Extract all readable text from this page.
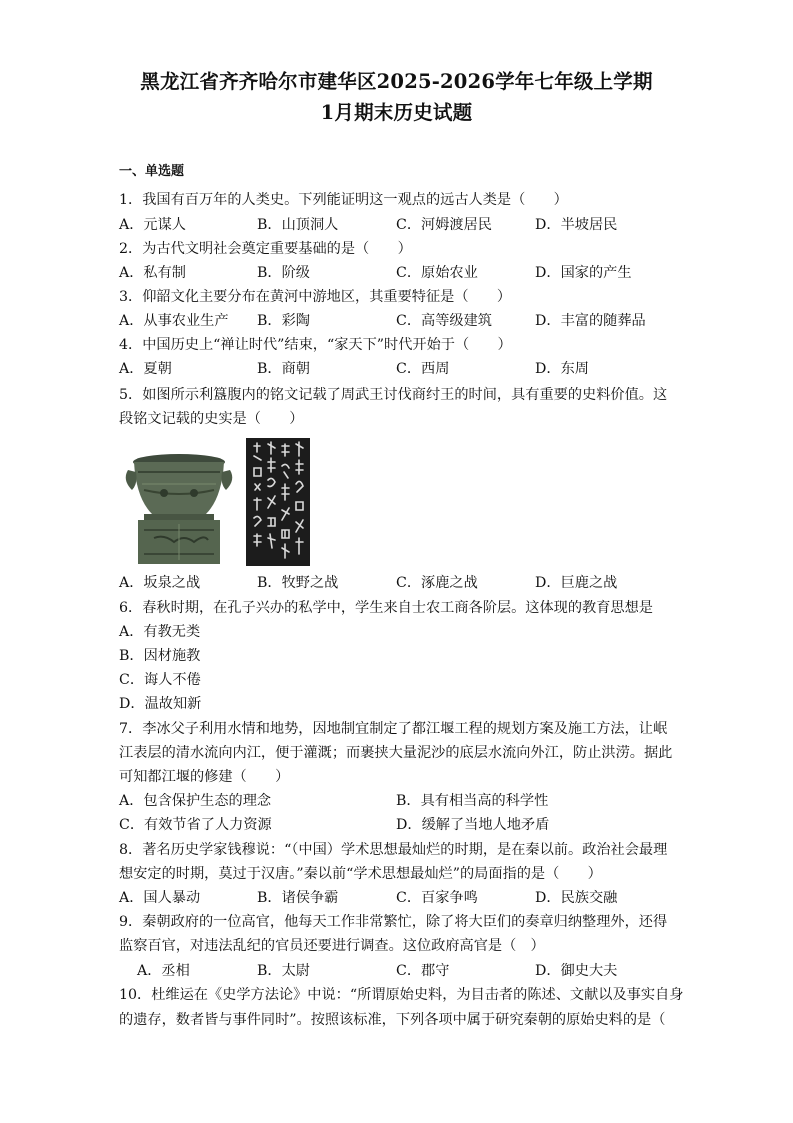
黑龙江省齐齐哈尔市建华区2025-2026学年七年级上学期
1月期末历史试题
一、单选题
1．我国有百万年的人类史。下列能证明这一观点的远古人类是（　　）
A．元谋人	B．山顶洞人	C．河姆渡居民	D．半坡居民
2．为古代文明社会奠定重要基础的是（　　）
A．私有制	B．阶级	C．原始农业	D．国家的产生
3．仰韶文化主要分布在黄河中游地区，其重要特征是（　　）
A．从事农业生产 B．彩陶	C．高等级建筑	D．丰富的随葬品
4．中国历史上“禅让时代”结束，“家天下”时代开始于（　　）
A．夏朝	B．商朝	C．西周	D．东周
5．如图所示利簋腹内的铭文记载了周武王讨伐商纣王的时间，具有重要的史料价值。这
段铭文记载的史实是（　　）
A．坂泉之战	B．牧野之战	C．涿鹿之战	D．巨鹿之战
6．春秋时期，在孔子兴办的私学中，学生来自士农工商各阶层。这体现的教育思想是
A．有教无类
B．因材施教
C．诲人不倦
D．温故知新
7．李冰父子利用水情和地势，因地制宜制定了都江堰工程的规划方案及施工方法，让岷
江表层的清水流向内江，便于灌溉；而裹挟大量泥沙的底层水流向外江，防止洪涝。据此
可知都江堰的修建（　　）
A．包含保护生态的理念	B．具有相当高的科学性
C．有效节省了人力资源	D．缓解了当地人地矛盾
8．著名历史学家钱穆说：“（中国）学术思想最灿烂的时期，是在秦以前。政治社会最理
想安定的时期，莫过于汉唐。”秦以前“学术思想最灿烂”的局面指的是（　　）
A．国人暴动	B．诸侯争霸	C．百家争鸣	D．民族交融
9．秦朝政府的一位高官，他每天工作非常繁忙，除了将大臣们的奏章归纳整理外，还得
监察百官，对违法乱纪的官员还要进行调查。这位政府高官是（　）
A．丞相	B．太尉	C．郡守	D．御史大夫
10．杜维运在《史学方法论》中说：“所谓原始史料，为目击者的陈述、文献以及事实自身
的遗存，数者皆与事件同时”。按照该标准，下列各项中属于研究秦朝的原始史料的是（
